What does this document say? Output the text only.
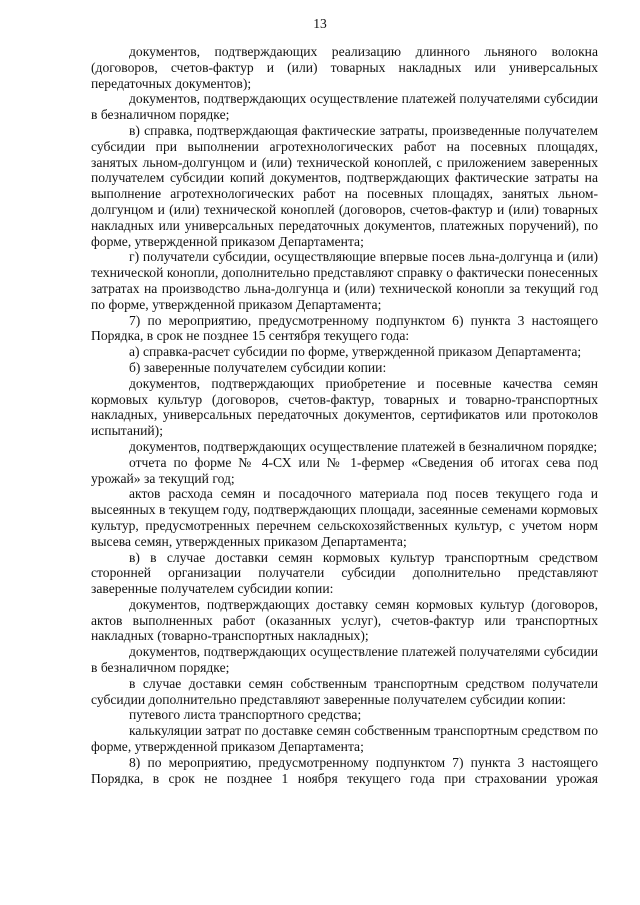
13

документов, подтверждающих реализацию длинного льняного волокна (договоров, счетов-фактур и (или) товарных накладных или универсальных передаточных документов);

документов, подтверждающих осуществление платежей получателями субсидии в безналичном порядке;

в) справка, подтверждающая фактические затраты, произведенные получателем субсидии при выполнении агротехнологических работ на посевных площадях, занятых льном-долгунцом и (или) технической коноплей, с приложением заверенных получателем субсидии копий документов, подтверждающих фактические затраты на выполнение агротехнологических работ на посевных площадях, занятых льном-долгунцом и (или) технической коноплей (договоров, счетов-фактур и (или) товарных накладных или универсальных передаточных документов, платежных поручений), по форме, утвержденной приказом Департамента;

г) получатели субсидии, осуществляющие впервые посев льна-долгунца и (или) технической конопли, дополнительно представляют справку о фактически понесенных затратах на производство льна-долгунца и (или) технической конопли за текущий год по форме, утвержденной приказом Департамента;

7) по мероприятию, предусмотренному подпунктом 6) пункта 3 настоящего Порядка, в срок не позднее 15 сентября текущего года:

а) справка-расчет субсидии по форме, утвержденной приказом Департамента;

б) заверенные получателем субсидии копии:

документов, подтверждающих приобретение и посевные качества семян кормовых культур (договоров, счетов-фактур, товарных и товарно-транспортных накладных, универсальных передаточных документов, сертификатов или протоколов испытаний);

документов, подтверждающих осуществление платежей в безналичном порядке;

отчета по форме № 4-СХ или № 1-фермер «Сведения об итогах сева под урожай» за текущий год;

актов расхода семян и посадочного материала под посев текущего года и высеянных в текущем году, подтверждающих площади, засеянные семенами кормовых культур, предусмотренных перечнем сельскохозяйственных культур, с учетом норм высева семян, утвержденных приказом Департамента;

в) в случае доставки семян кормовых культур транспортным средством сторонней организации получатели субсидии дополнительно представляют заверенные получателем субсидии копии:

документов, подтверждающих доставку семян кормовых культур (договоров, актов выполненных работ (оказанных услуг), счетов-фактур или транспортных накладных (товарно-транспортных накладных);

документов, подтверждающих осуществление платежей получателями субсидии в безналичном порядке;

в случае доставки семян собственным транспортным средством получатели субсидии дополнительно представляют заверенные получателем субсидии копии:

путевого листа транспортного средства;

калькуляции затрат по доставке семян собственным транспортным средством по форме, утвержденной приказом Департамента;

8) по мероприятию, предусмотренному подпунктом 7) пункта 3 настоящего Порядка, в срок не позднее 1 ноября текущего года при страховании урожая
